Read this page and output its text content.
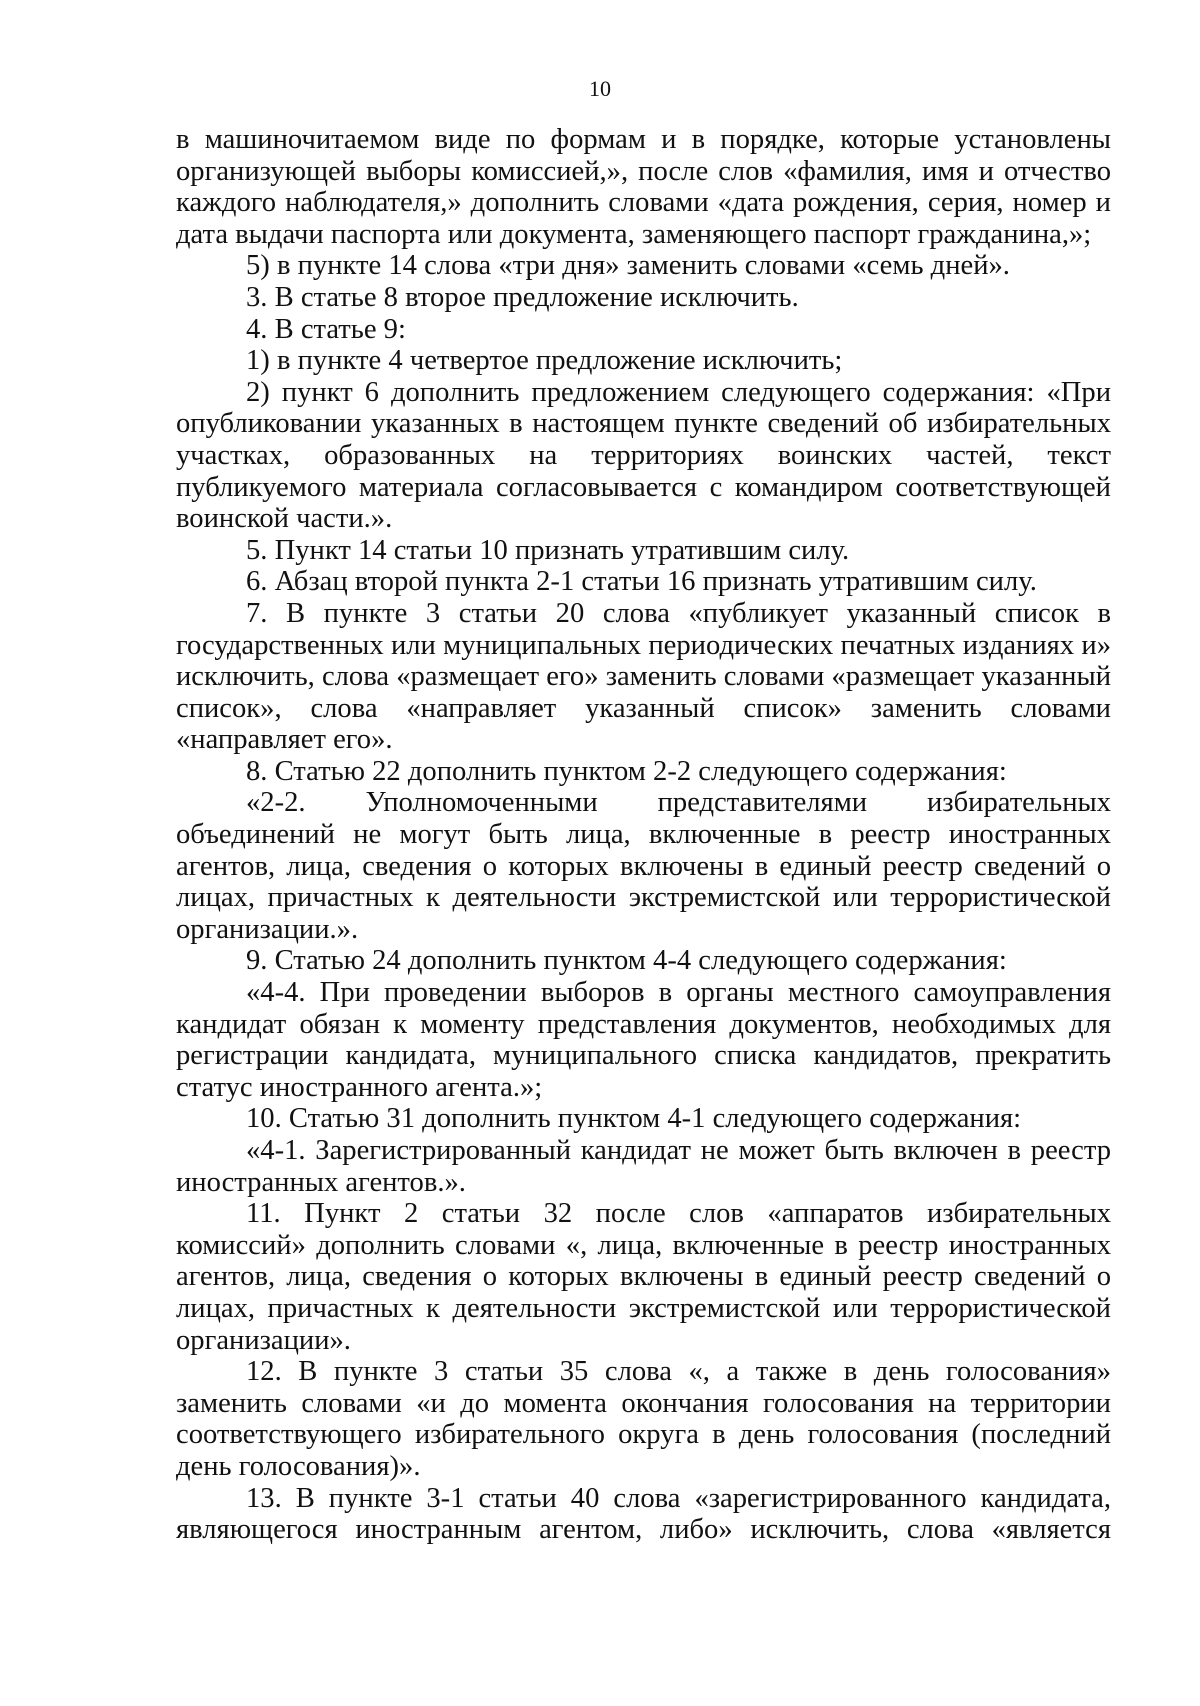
10

в машиночитаемом виде по формам и в порядке, которые установлены организующей выборы комиссией,», после слов «фамилия, имя и отчество каждого наблюдателя,» дополнить словами «дата рождения, серия, номер и дата выдачи паспорта или документа, заменяющего паспорт гражданина,»;

5) в пункте 14 слова «три дня» заменить словами «семь дней».

3. В статье 8 второе предложение исключить.

4. В статье 9:

1) в пункте 4 четвертое предложение исключить;

2) пункт 6 дополнить предложением следующего содержания: «При опубликовании указанных в настоящем пункте сведений об избирательных участках, образованных на территориях воинских частей, текст публикуемого материала согласовывается с командиром соответствующей воинской части.».

5. Пункт 14 статьи 10 признать утратившим силу.

6. Абзац второй пункта 2-1 статьи 16 признать утратившим силу.

7. В пункте 3 статьи 20 слова «публикует указанный список в государственных или муниципальных периодических печатных изданиях и» исключить, слова «размещает его» заменить словами «размещает указанный список», слова «направляет указанный список» заменить словами «направляет его».

8. Статью 22 дополнить пунктом 2-2 следующего содержания:

«2-2. Уполномоченными представителями избирательных объединений не могут быть лица, включенные в реестр иностранных агентов, лица, сведения о которых включены в единый реестр сведений о лицах, причастных к деятельности экстремистской или террористической организации.».

9. Статью 24 дополнить пунктом 4-4 следующего содержания:

«4-4. При проведении выборов в органы местного самоуправления кандидат обязан к моменту представления документов, необходимых для регистрации кандидата, муниципального списка кандидатов, прекратить статус иностранного агента.»;

10. Статью 31 дополнить пунктом 4-1 следующего содержания:

«4-1. Зарегистрированный кандидат не может быть включен в реестр иностранных агентов.».

11. Пункт 2 статьи 32 после слов «аппаратов избирательных комиссий» дополнить словами «, лица, включенные в реестр иностранных агентов, лица, сведения о которых включены в единый реестр сведений о лицах, причастных к деятельности экстремистской или террористической организации».

12. В пункте 3 статьи 35 слова «, а также в день голосования» заменить словами «и до момента окончания голосования на территории соответствующего избирательного округа в день голосования (последний день голосования)».

13. В пункте 3-1 статьи 40 слова «зарегистрированного кандидата, являющегося иностранным агентом, либо» исключить, слова «является
